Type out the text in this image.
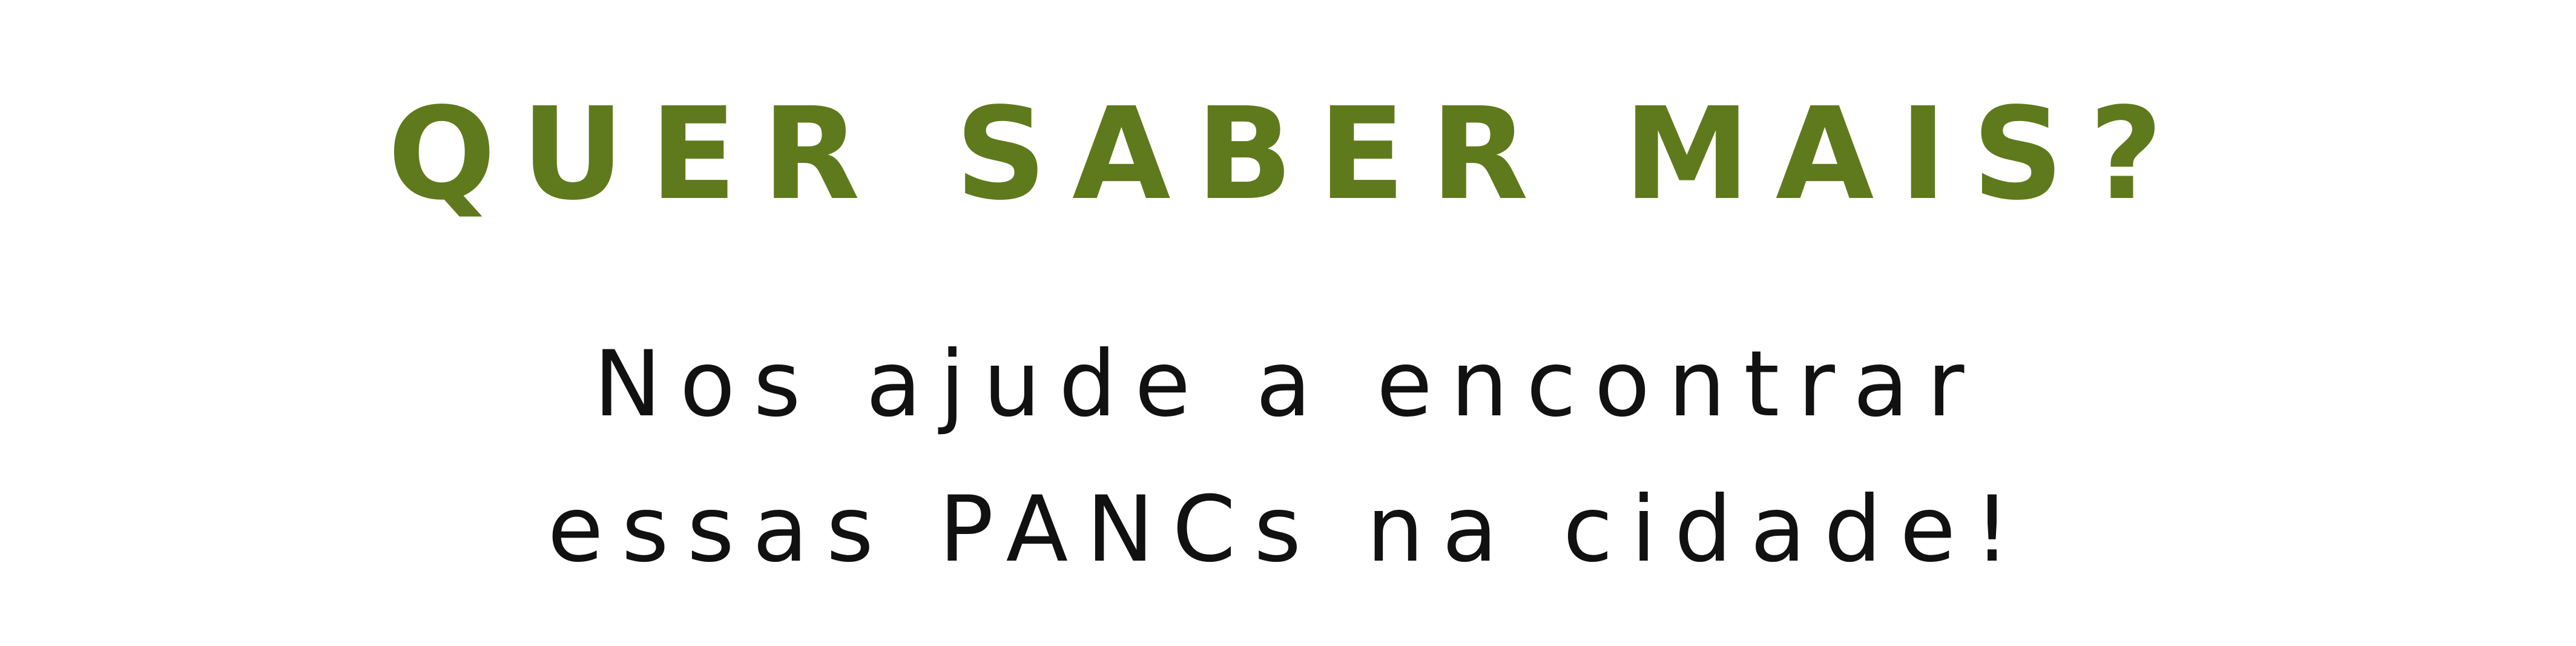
QUER SABER MAIS?
Nos ajude a encontrar
essas PANCs na cidade!
